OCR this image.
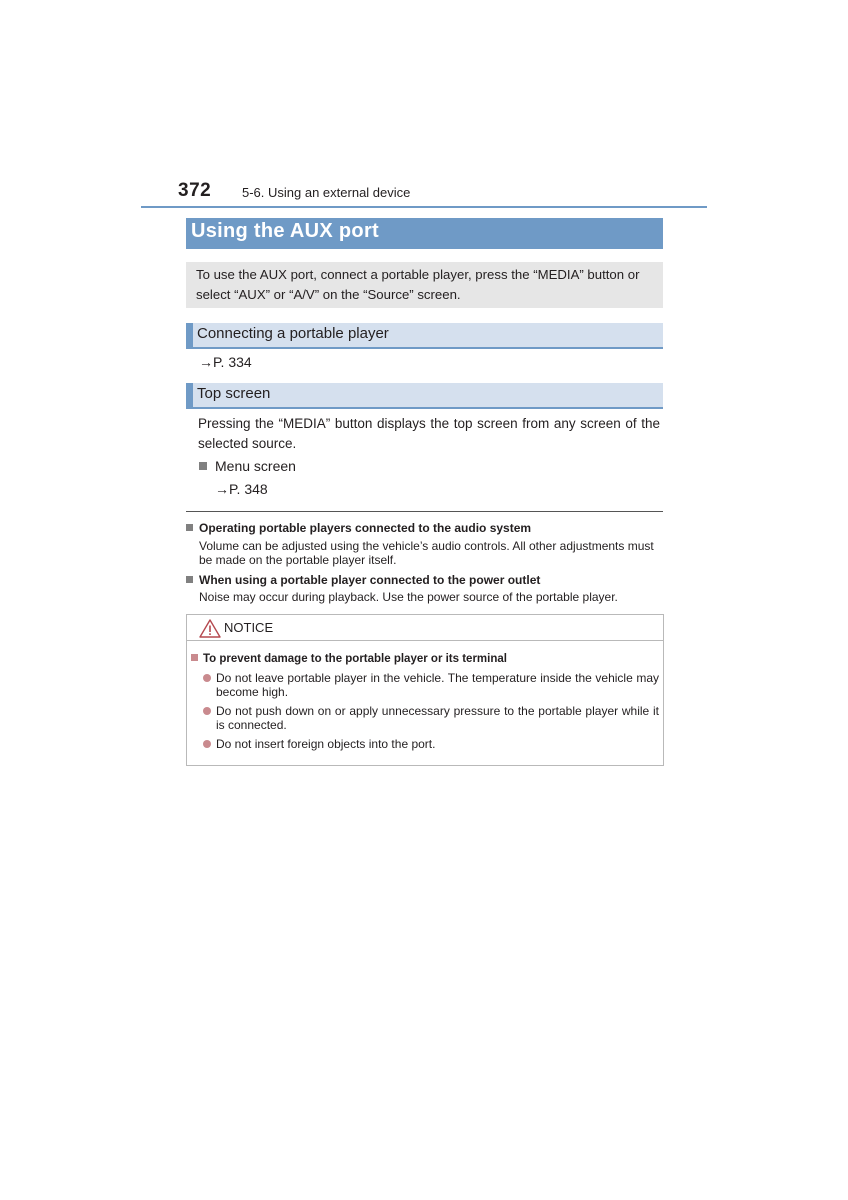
372 5-6. Using an external device
Using the AUX port

To use the AUX port, connect a portable player, press the “MEDIA” button or select “AUX” or “A/V” on the “Source” screen.

Connecting a portable player
→P. 334
Top screen

Pressing the “MEDIA” button displays the top screen from any screen of the selected source.

Menu screen
→P. 348
Operating portable players connected to the audio system

Volume can be adjusted using the vehicle’s audio controls. All other adjustments must be made on the portable player itself.

When using a portable player connected to the power outlet

Noise may occur during playback. Use the power source of the portable player.

NOTICE
To prevent damage to the portable player or its terminal
Do not leave portable player in the vehicle. The temperature inside the vehicle may become high.
Do not push down on or apply unnecessary pressure to the portable player while it is connected.
Do not insert foreign objects into the port.
